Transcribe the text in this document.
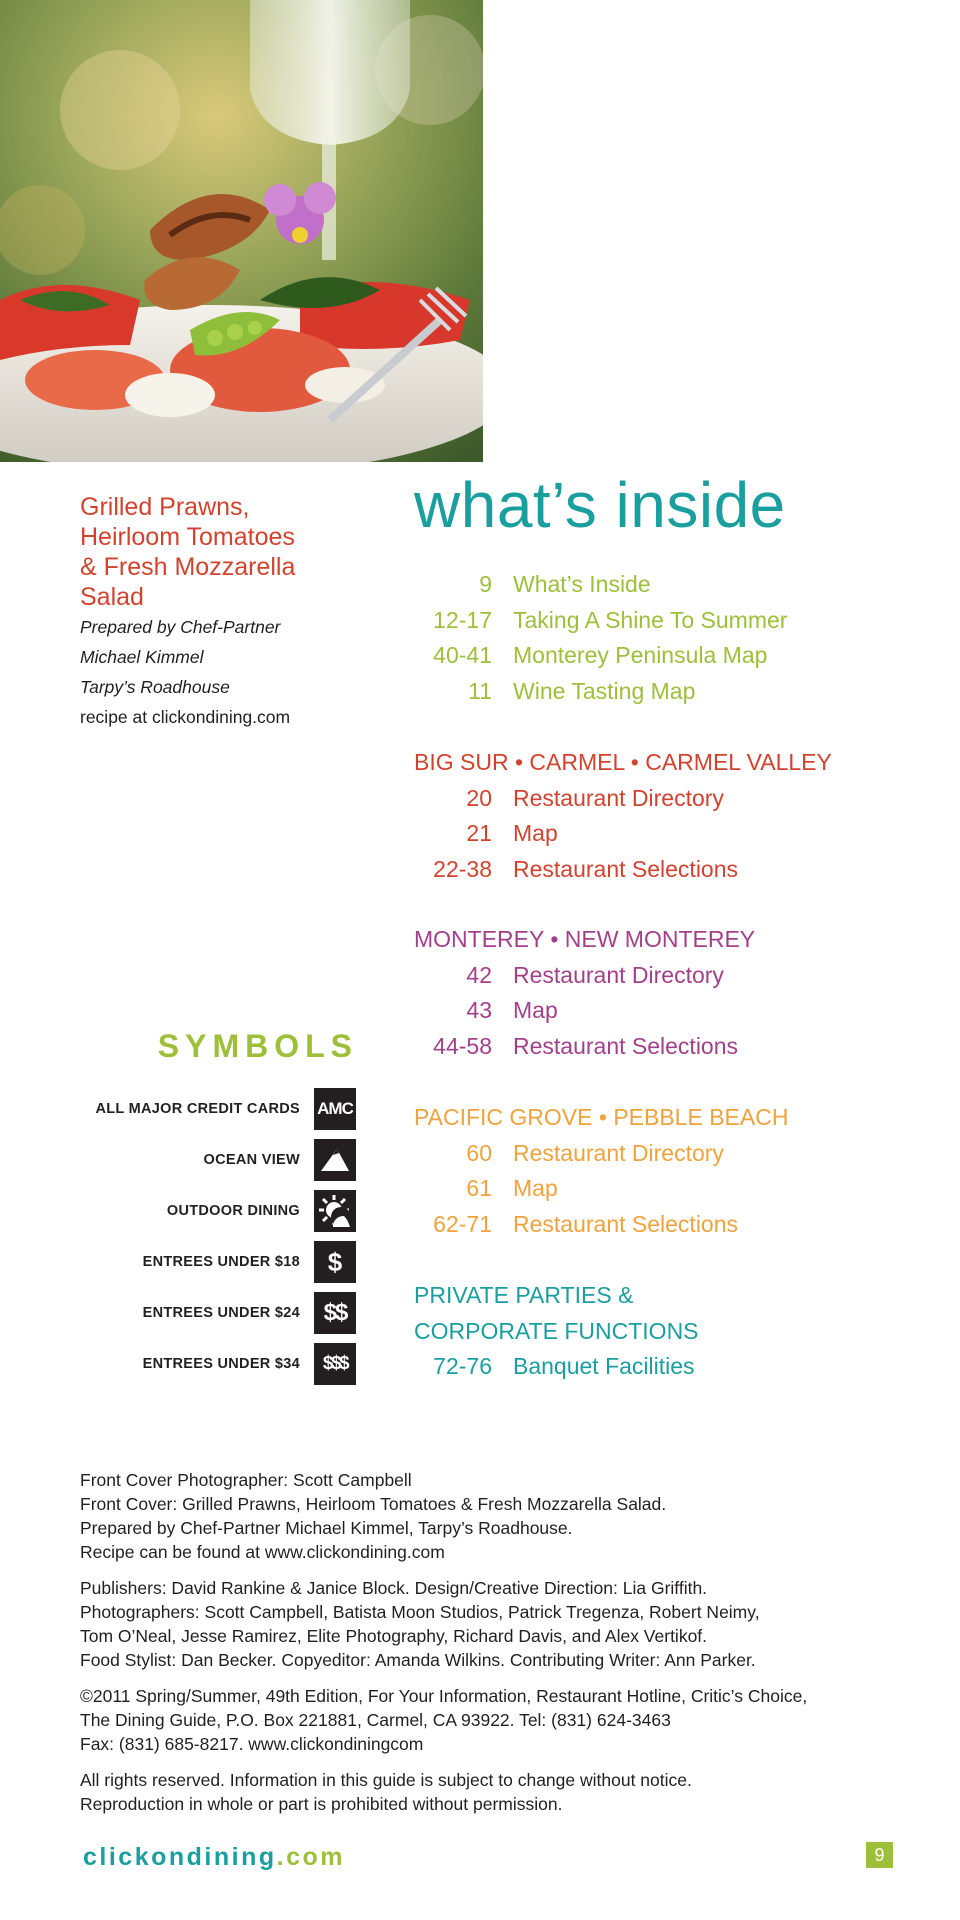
Grilled Prawns,
Heirloom Tomatoes
& Fresh Mozzarella
Salad

Prepared by Chef-Partner

Michael Kimmel

Tarpy’s Roadhouse

recipe at clickondining.com

what’s inside
9 What’s Inside
12-17 Taking A Shine To Summer
40-41 Monterey Peninsula Map
11 Wine Tasting Map
BIG SUR • CARMEL • CARMEL VALLEY
20 Restaurant Directory
21 Map
22-38 Restaurant Selections
MONTEREY • NEW MONTEREY
42 Restaurant Directory
43 Map
44-58 Restaurant Selections
PACIFIC GROVE • PEBBLE BEACH
60 Restaurant Directory
61 Map
62-71 Restaurant Selections
PRIVATE PARTIES &
CORPORATE FUNCTIONS
72-76 Banquet Facilities
SYMBOLS
ALL MAJOR CREDIT CARDS AMC
OCEAN VIEW
OUTDOOR DINING
ENTREES UNDER $18	$
ENTREES UNDER $24 $$
ENTREES UNDER $34	$$$

Front Cover Photographer: Scott Campbell
Front Cover: Grilled Prawns, Heirloom Tomatoes & Fresh Mozzarella Salad.
Prepared by Chef-Partner Michael Kimmel, Tarpy’s Roadhouse.
Recipe can be found at www.clickondining.com

Publishers: David Rankine & Janice Block. Design/Creative Direction: Lia Griffith.
Photographers: Scott Campbell, Batista Moon Studios, Patrick Tregenza, Robert Neimy,
Tom O’Neal, Jesse Ramirez, Elite Photography, Richard Davis, and Alex Vertikof.
Food Stylist: Dan Becker. Copyeditor: Amanda Wilkins. Contributing Writer: Ann Parker.

©2011 Spring/Summer, 49th Edition, For Your Information, Restaurant Hotline, Critic’s Choice,
The Dining Guide, P.O. Box 221881, Carmel, CA 93922. Tel: (831) 624-3463
Fax: (831) 685-8217. www.clickondiningcom

All rights reserved. Information in this guide is subject to change without notice.
Reproduction in whole or part is prohibited without permission.

clickondining.com	9
